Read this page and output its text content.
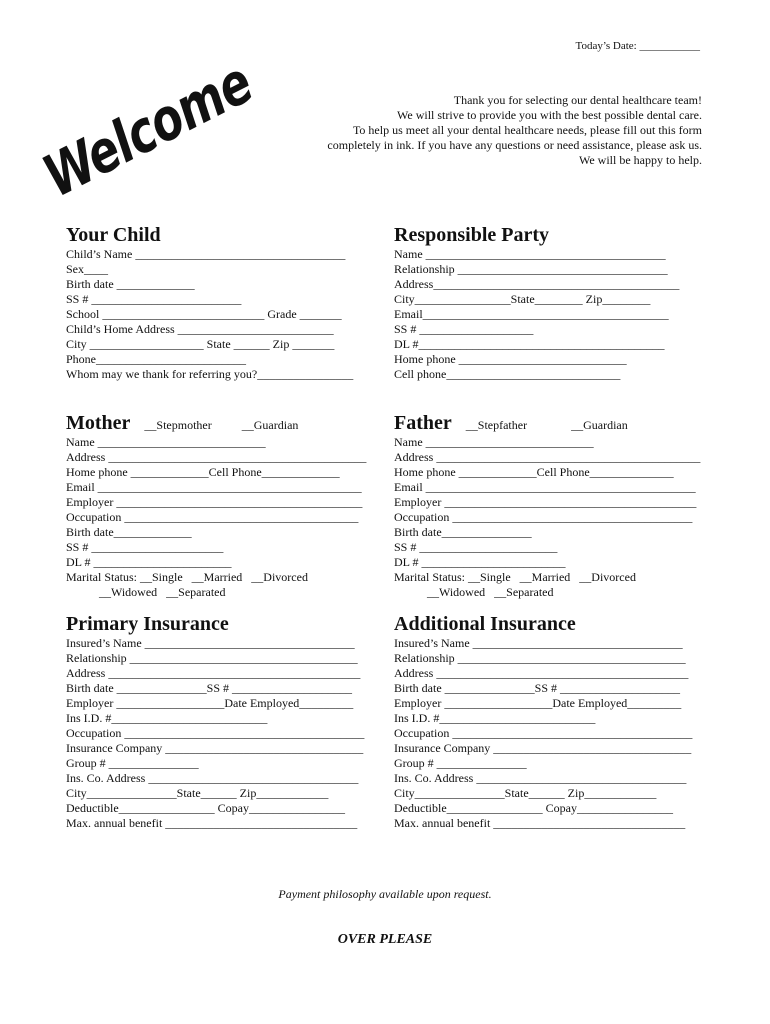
Today’s Date: ___________
Welcome	Thank you for selecting our dental healthcare team!
We will strive to provide you with the best possible dental care.
To help us meet all your dental healthcare needs, please fill out this form
completely in ink. If you have any questions or need assistance, please ask us.
We will be happy to help.
Your Child
Child’s Name ___________________________________
Sex____
Birth date _____________
SS # _________________________
School ___________________________ Grade _______
Child’s Home Address __________________________
City ___________________ State ______ Zip _______
Phone_________________________
Whom may we thank for referring you?________________
Responsible Party
Name ________________________________________
Relationship ___________________________________
Address_________________________________________
City________________State________ Zip________
Email_________________________________________
SS # ___________________
DL #_________________________________________
Home phone ____________________________
Cell phone_____________________________
Mother __Stepmother	__Guardian
Name ____________________________
Address ___________________________________________
Home phone _____________Cell Phone_____________
Email ____________________________________________
Employer _________________________________________
Occupation _______________________________________
Birth date_____________
SS # ______________________
DL # _______________________
Marital Status: __Single   __Married   __Divorced
__Widowed   __Separated
Father __Stepfather	__Guardian
Name ____________________________
Address ____________________________________________
Home phone _____________Cell Phone______________
Email _____________________________________________
Employer __________________________________________
Occupation ________________________________________
Birth date_______________
SS # _______________________
DL # ________________________
Marital Status: __Single   __Married   __Divorced
__Widowed   __Separated
Primary Insurance
Insured’s Name ___________________________________
Relationship ______________________________________
Address __________________________________________
Birth date _______________SS # ____________________
Employer __________________Date Employed_________
Ins I.D. #__________________________
Occupation ________________________________________
Insurance Company _________________________________
Group # _______________
Ins. Co. Address ___________________________________
City_______________State______ Zip____________
Deductible________________ Copay________________
Max. annual benefit ________________________________
Additional Insurance
Insured’s Name ___________________________________
Relationship ______________________________________
Address __________________________________________
Birth date _______________SS # ____________________
Employer __________________Date Employed_________
Ins I.D. #__________________________
Occupation ________________________________________
Insurance Company _________________________________
Group # _______________
Ins. Co. Address ___________________________________
City_______________State______ Zip____________
Deductible________________ Copay________________
Max. annual benefit ________________________________
Payment philosophy available upon request.
OVER PLEASE
